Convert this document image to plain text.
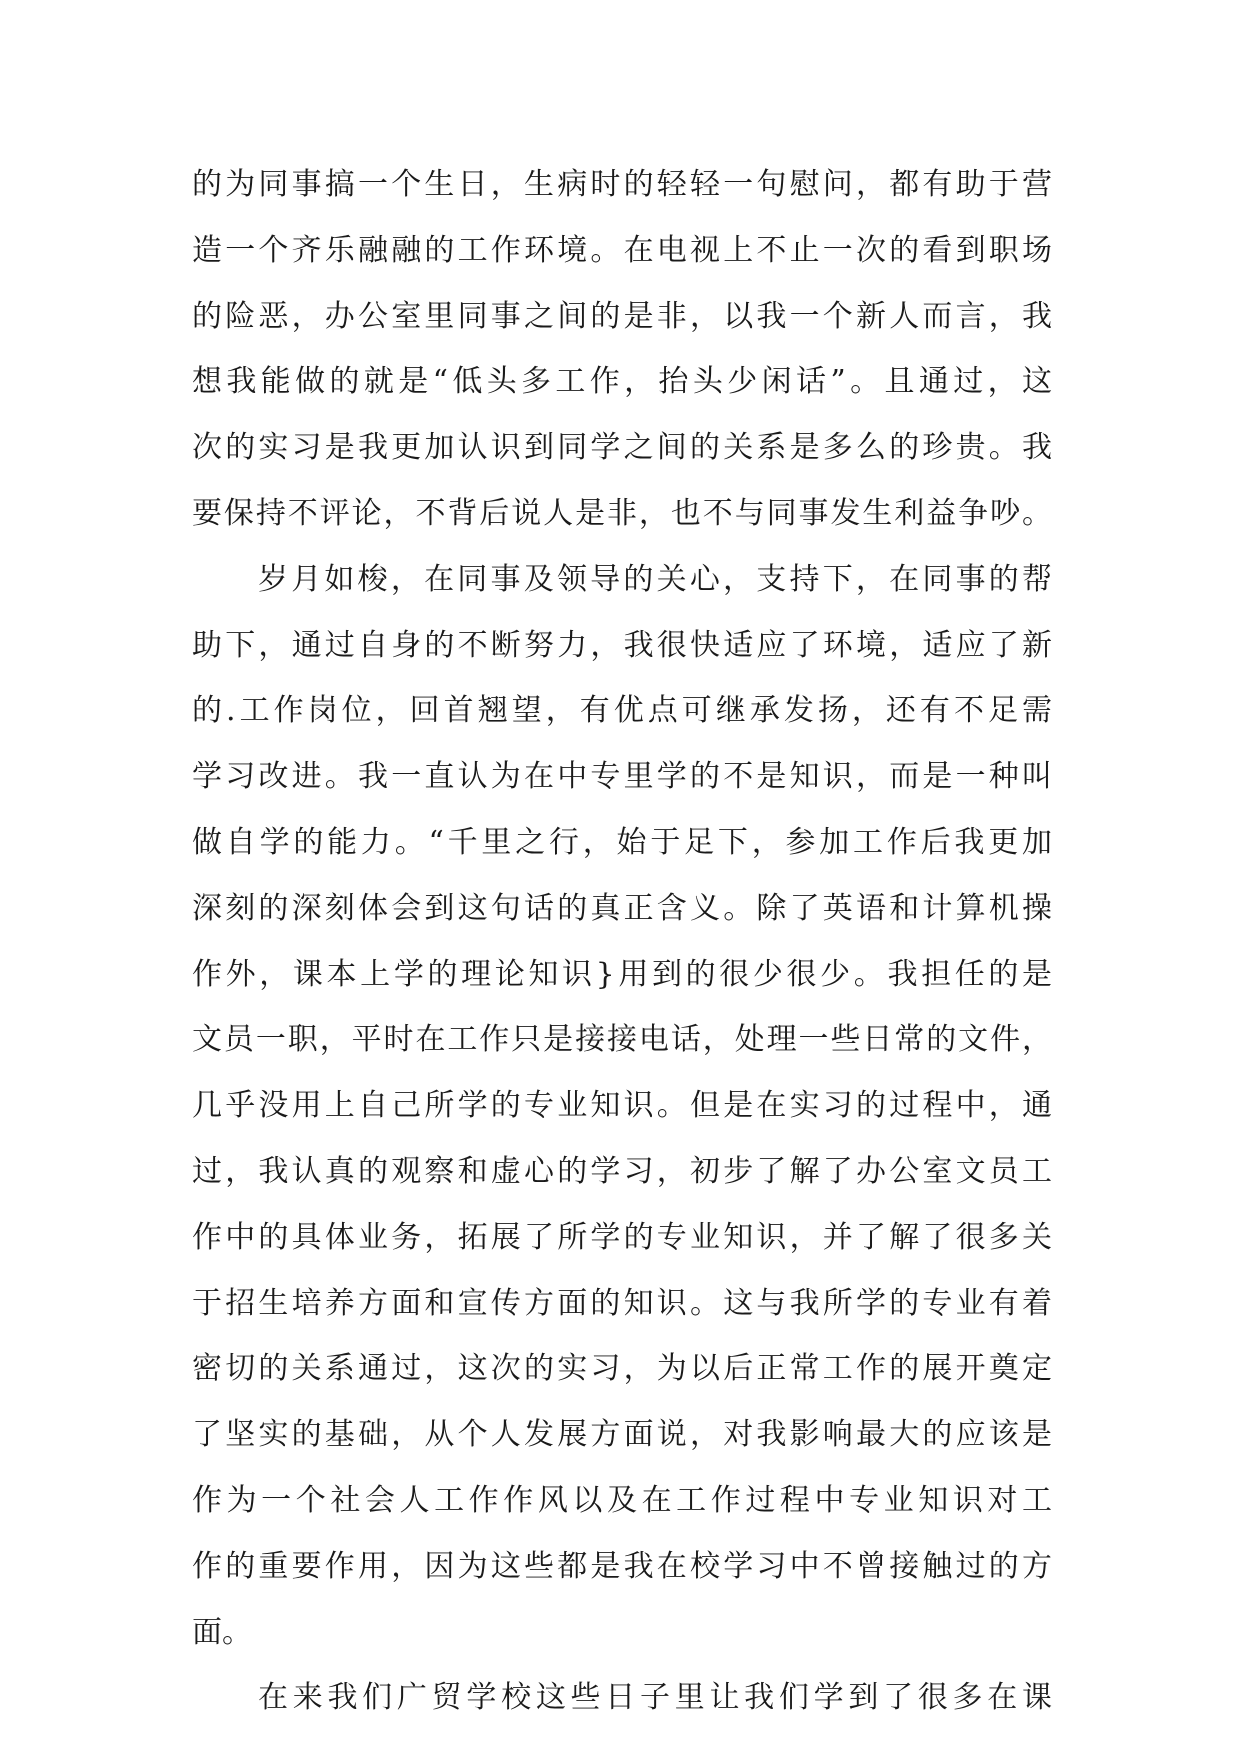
的为同事搞一个生日，生病时的轻轻一句慰问，都有助于营
造一个齐乐融融的工作环境。在电视上不止一次的看到职场
的险恶，办公室里同事之间的是非，以我一个新人而言，我
想我能做的就是“低头多工作，抬头少闲话”。且通过，这
次的实习是我更加认识到同学之间的关系是多么的珍贵。我
要保持不评论，不背后说人是非，也不与同事发生利益争吵。
岁月如梭，在同事及领导的关心，支持下，在同事的帮
助下，通过自身的不断努力，我很快适应了环境，适应了新
的.工作岗位，回首翘望，有优点可继承发扬，还有不足需
学习改进。我一直认为在中专里学的不是知识，而是一种叫
做自学的能力。“千里之行，始于足下，参加工作后我更加
深刻的深刻体会到这句话的真正含义。除了英语和计算机操
作外，课本上学的理论知识}用到的很少很少。我担任的是
文员一职，平时在工作只是接接电话，处理一些日常的文件，
几乎没用上自己所学的专业知识。但是在实习的过程中，通
过，我认真的观察和虚心的学习，初步了解了办公室文员工
作中的具体业务，拓展了所学的专业知识，并了解了很多关
于招生培养方面和宣传方面的知识。这与我所学的专业有着
密切的关系通过，这次的实习，为以后正常工作的展开奠定
了坚实的基础，从个人发展方面说，对我影响最大的应该是
作为一个社会人工作作风以及在工作过程中专业知识对工
作的重要作用，因为这些都是我在校学习中不曾接触过的方
面。
在来我们广贸学校这些日子里让我们学到了很多在课
